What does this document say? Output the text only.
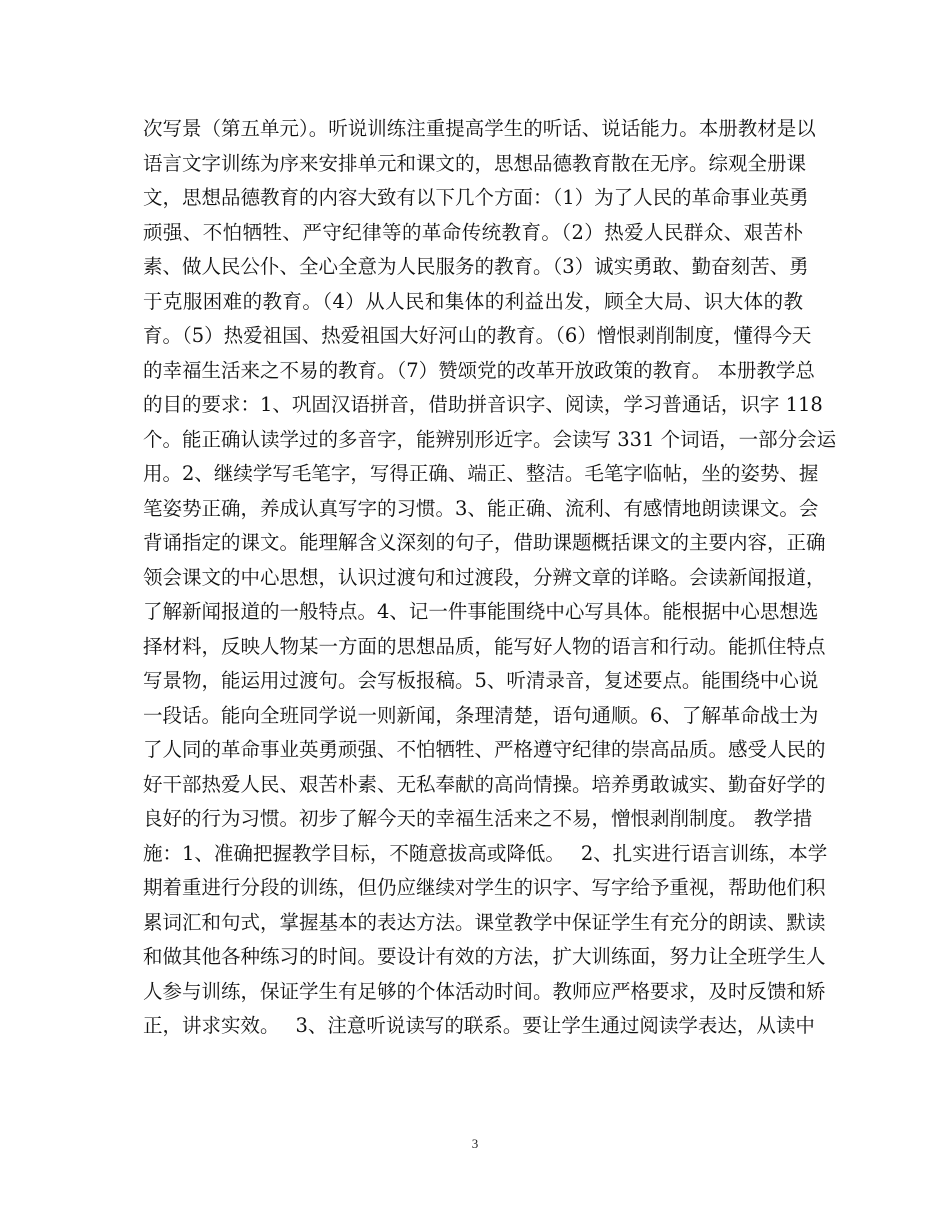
次写景（第五单元）。听说训练注重提高学生的听话、说话能力。本册教材是以
语言文字训练为序来安排单元和课文的，思想品德教育散在无序。综观全册课
文，思想品德教育的内容大致有以下几个方面：（1）为了人民的革命事业英勇
顽强、不怕牺牲、严守纪律等的革命传统教育。（2）热爱人民群众、艰苦朴
素、做人民公仆、全心全意为人民服务的教育。（3）诚实勇敢、勤奋刻苦、勇
于克服困难的教育。（4）从人民和集体的利益出发，顾全大局、识大体的教
育。（5）热爱祖国、热爱祖国大好河山的教育。（6）憎恨剥削制度，懂得今天
的幸福生活来之不易的教育。（7）赞颂党的改革开放政策的教育。 本册教学总
的目的要求：1、巩固汉语拼音，借助拼音识字、阅读，学习普通话，识字 118
个。能正确认读学过的多音字，能辨别形近字。会读写 331 个词语，一部分会运
用。2、继续学写毛笔字，写得正确、端正、整洁。毛笔字临帖，坐的姿势、握
笔姿势正确，养成认真写字的习惯。3、能正确、流利、有感情地朗读课文。会
背诵指定的课文。能理解含义深刻的句子，借助课题概括课文的主要内容，正确
领会课文的中心思想，认识过渡句和过渡段，分辨文章的详略。会读新闻报道，
了解新闻报道的一般特点。4、记一件事能围绕中心写具体。能根据中心思想选
择材料，反映人物某一方面的思想品质，能写好人物的语言和行动。能抓住特点
写景物，能运用过渡句。会写板报稿。5、听清录音，复述要点。能围绕中心说
一段话。能向全班同学说一则新闻，条理清楚，语句通顺。6、了解革命战士为
了人同的革命事业英勇顽强、不怕牺牲、严格遵守纪律的崇高品质。感受人民的
好干部热爱人民、艰苦朴素、无私奉献的高尚情操。培养勇敢诚实、勤奋好学的
良好的行为习惯。初步了解今天的幸福生活来之不易，憎恨剥削制度。 教学措
施：1、准确把握教学目标，不随意拔高或降低。　 2、扎实进行语言训练，本学
期着重进行分段的训练，但仍应继续对学生的识字、写字给予重视，帮助他们积
累词汇和句式，掌握基本的表达方法。课堂教学中保证学生有充分的朗读、默读
和做其他各种练习的时间。要设计有效的方法，扩大训练面，努力让全班学生人
人参与训练，保证学生有足够的个体活动时间。教师应严格要求，及时反馈和矫
正，讲求实效。　 3、注意听说读写的联系。要让学生通过阅读学表达，从读中
3
